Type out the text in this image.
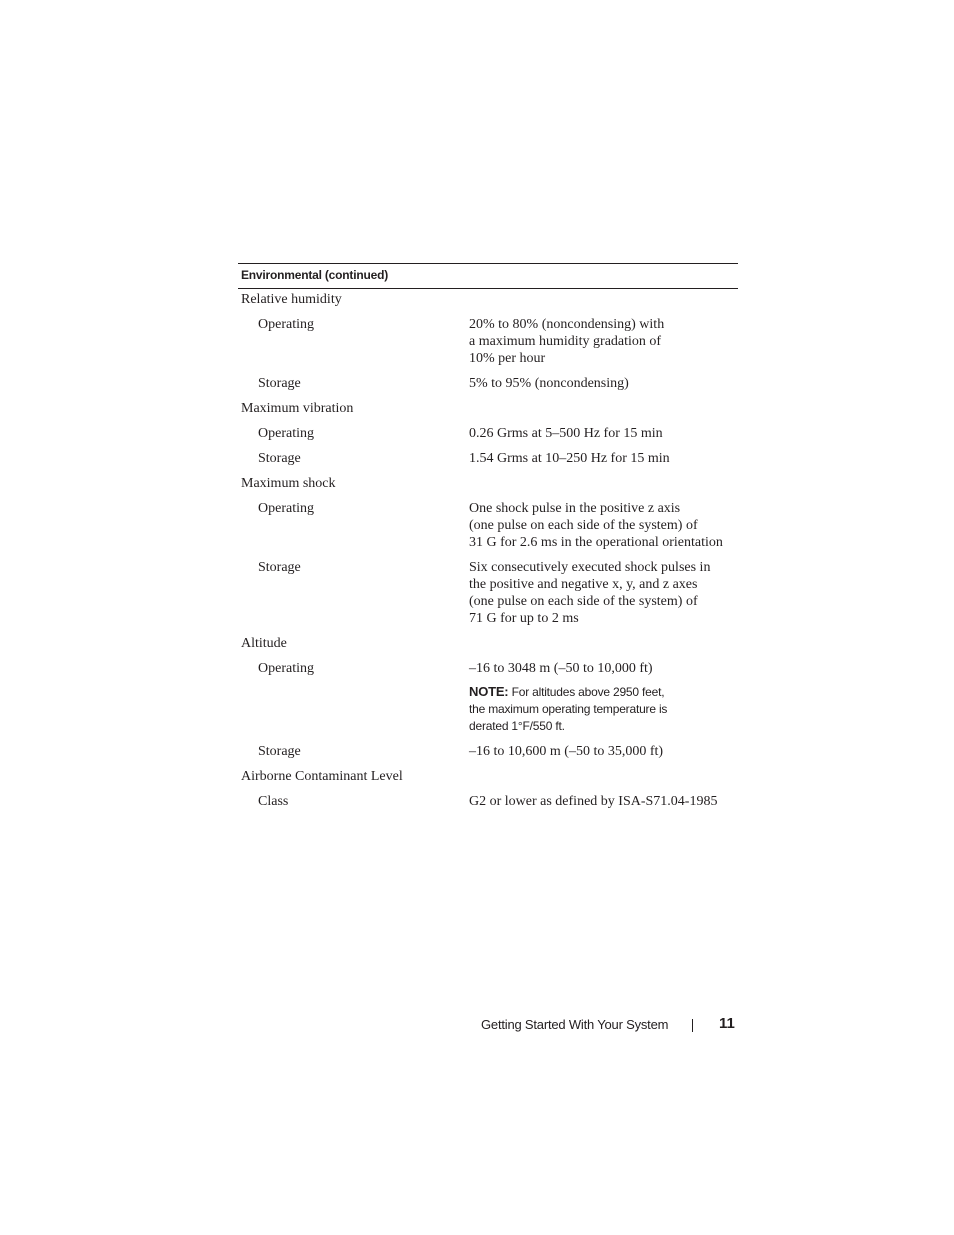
Environmental (continued)
Relative humidity
Operating	20% to 80% (noncondensing) with
a maximum humidity gradation of
10% per hour
Storage	5% to 95% (noncondensing)
Maximum vibration
Operating	0.26 Grms at 5–500 Hz for 15 min
Storage	1.54 Grms at 10–250 Hz for 15 min
Maximum shock
Operating	One shock pulse in the positive z axis
(one pulse on each side of the system) of
31 G for 2.6 ms in the operational orientation
Storage	Six consecutively executed shock pulses in
the positive and negative x, y, and z axes
(one pulse on each side of the system) of
71 G for up to 2 ms
Altitude
Operating	–16 to 3048 m (–50 to 10,000 ft)
NOTE: For altitudes above 2950 feet,
the maximum operating temperature is
derated 1°F/550 ft.
Storage	–16 to 10,600 m (–50 to 35,000 ft)
Airborne Contaminant Level
Class	G2 or lower as defined by ISA-S71.04-1985
Getting Started With Your System	11
